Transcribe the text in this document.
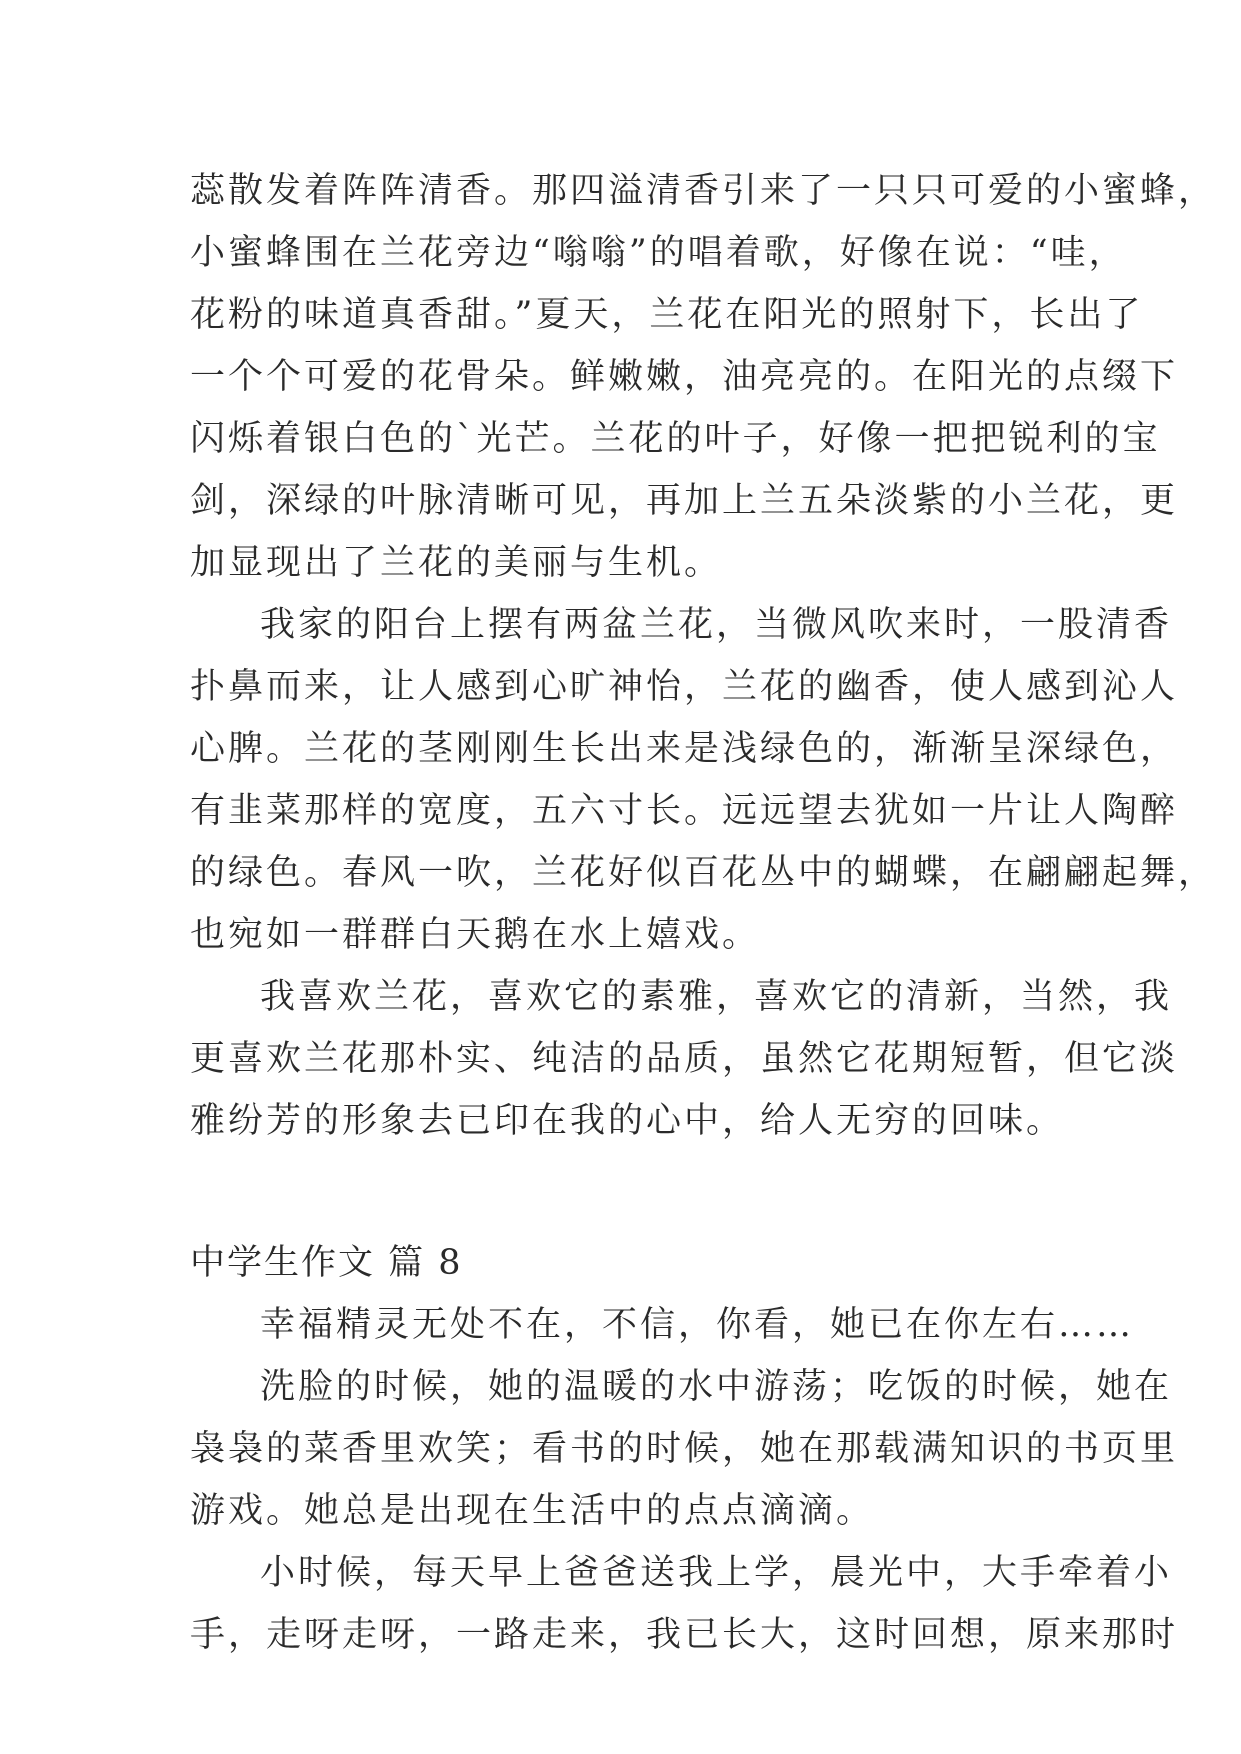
蕊散发着阵阵清香。那四溢清香引来了一只只可爱的小蜜蜂，
小蜜蜂围在兰花旁边“嗡嗡”的唱着歌，好像在说：“哇，
花粉的味道真香甜。”夏天，兰花在阳光的照射下，长出了
一个个可爱的花骨朵。鲜嫩嫩，油亮亮的。在阳光的点缀下
闪烁着银白色的`光芒。兰花的叶子，好像一把把锐利的宝
剑，深绿的叶脉清晰可见，再加上兰五朵淡紫的小兰花，更
加显现出了兰花的美丽与生机。
我家的阳台上摆有两盆兰花，当微风吹来时，一股清香
扑鼻而来，让人感到心旷神怡，兰花的幽香，使人感到沁人
心脾。兰花的茎刚刚生长出来是浅绿色的，渐渐呈深绿色，
有韭菜那样的宽度，五六寸长。远远望去犹如一片让人陶醉
的绿色。春风一吹，兰花好似百花丛中的蝴蝶，在翩翩起舞，
也宛如一群群白天鹅在水上嬉戏。
我喜欢兰花，喜欢它的素雅，喜欢它的清新，当然，我
更喜欢兰花那朴实、纯洁的品质，虽然它花期短暂，但它淡
雅纷芳的形象去已印在我的心中，给人无穷的回味。
中学生作文 篇 8
幸福精灵无处不在，不信，你看，她已在你左右……
洗脸的时候，她的温暖的水中游荡；吃饭的时候，她在
袅袅的菜香里欢笑；看书的时候，她在那载满知识的书页里
游戏。她总是出现在生活中的点点滴滴。
小时候，每天早上爸爸送我上学，晨光中，大手牵着小
手，走呀走呀，一路走来，我已长大，这时回想，原来那时
